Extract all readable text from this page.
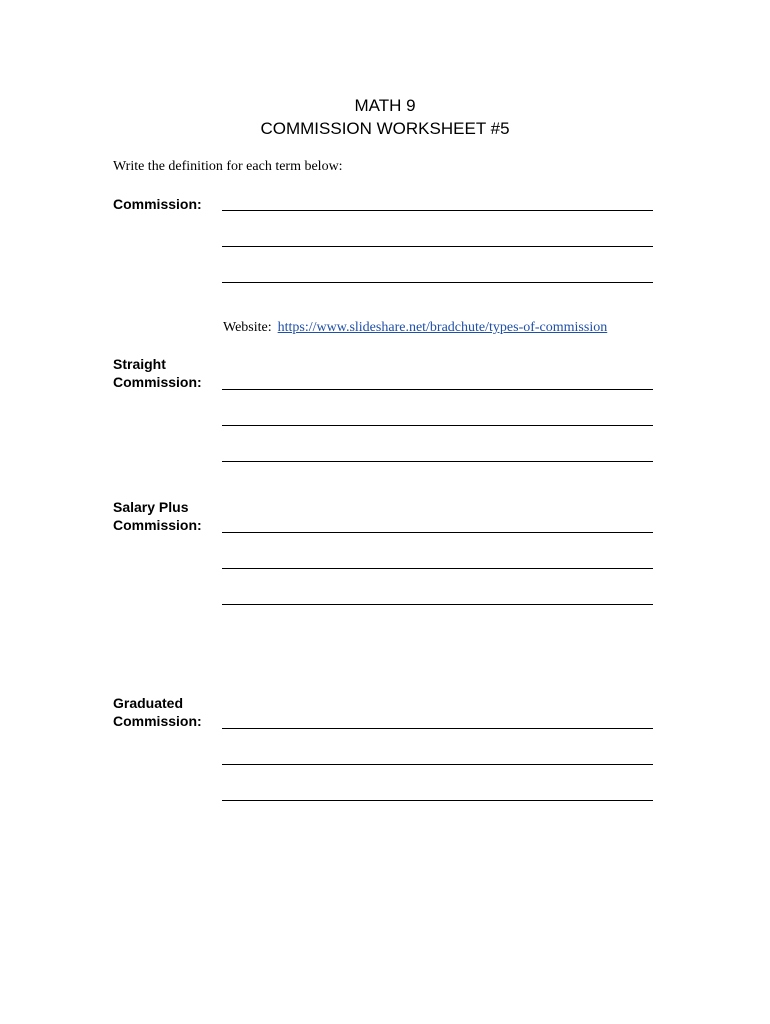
MATH 9
COMMISSION WORKSHEET #5
Write the definition for each term below:
Commission:
Website: https://www.slideshare.net/bradchute/types-of-commission
Straight
Commission:
Salary Plus
Commission:
Graduated
Commission:
